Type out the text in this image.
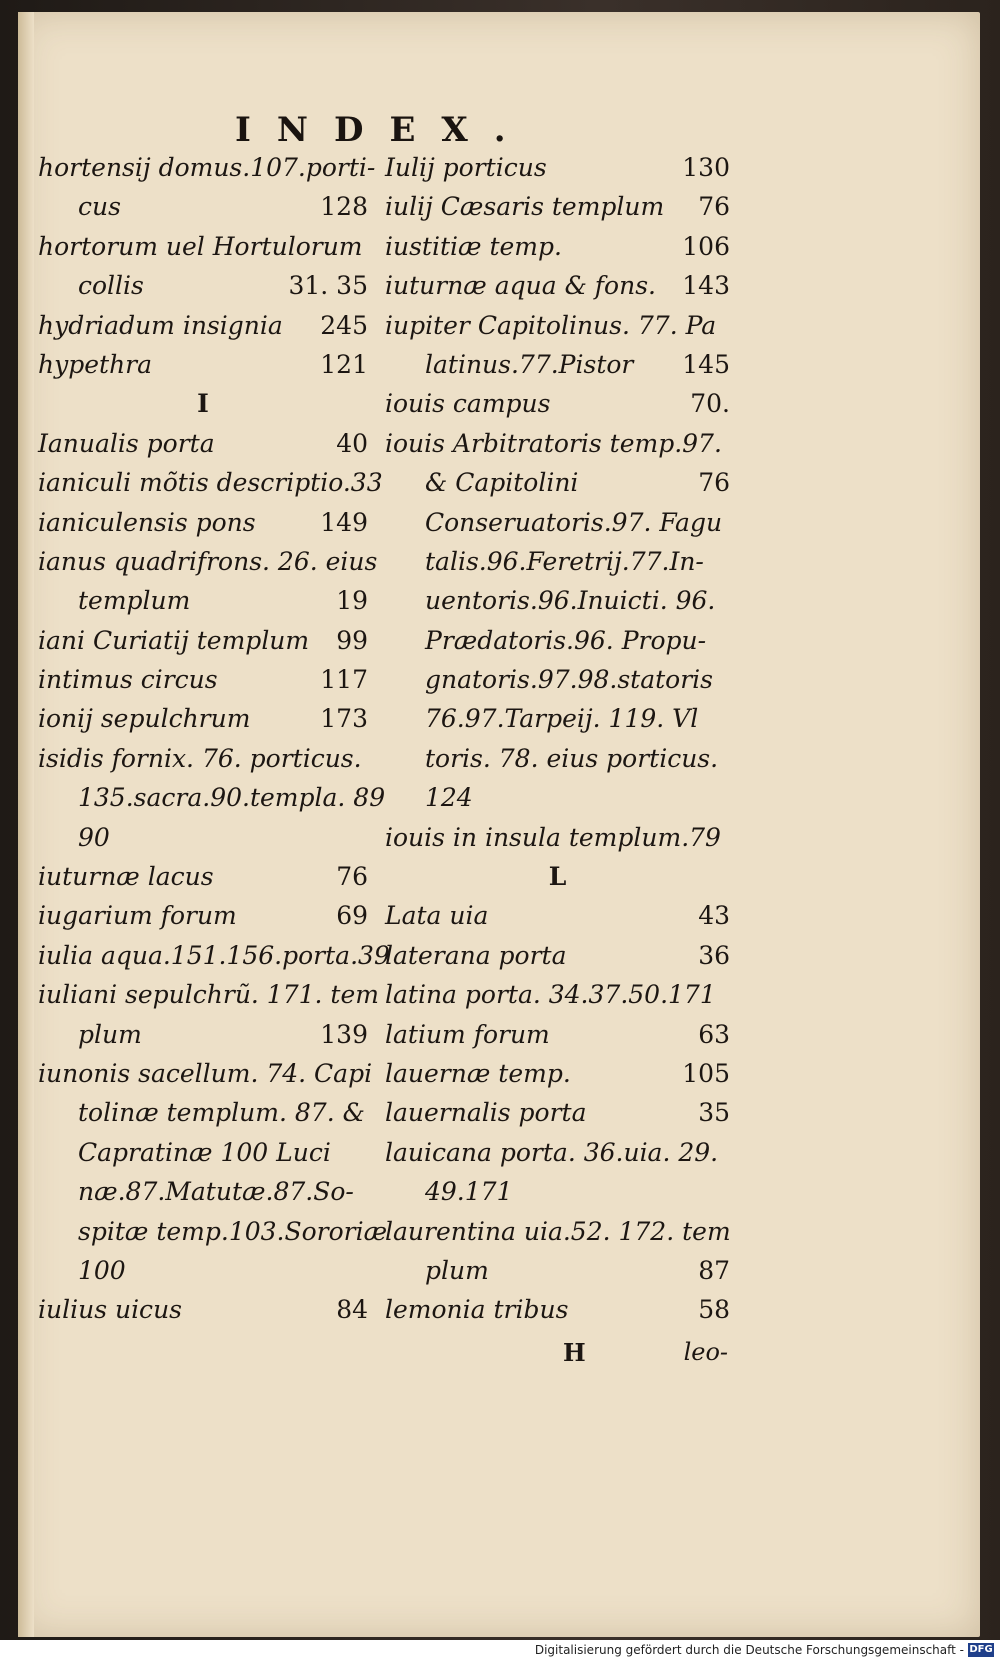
INDEX.
hortensij domus.107.porti-
cus	128
hortorum uel Hortulorum
collis	31. 35
hydriadum insignia 245
hypethra	121
I
Ianualis porta	40
ianiculi mõtis descriptio.33
ianiculensis pons	149
ianus quadrifrons. 26. eius
templum	19
iani Curiatij templum 99
intimus circus	117
ionij sepulchrum	173
isidis fornix. 76. porticus.
135.sacra.90.templa. 89
90
iuturnæ lacus	76
iugarium forum	69
iulia aqua.151.156.porta.39
iuliani sepulchrũ. 171. tem
plum	139
iunonis sacellum. 74. Capi
tolinæ templum. 87. &
Capratinæ 100 Luci
næ.87.Matutæ.87.So-
spitæ temp.103.Sororiæ
100
iulius uicus	84
Iulij porticus	130
iulij Cæsaris templum 76
iustitiæ temp.	106
iuturnæ aqua & fons. 143
iupiter Capitolinus. 77. Pa
latinus.77.Pistor 145
iouis campus	70.
iouis Arbitratoris temp.97.
& Capitolini	76
Conseruatoris.97. Fagu
talis.96.Feretrij.77.In-
uentoris.96.Inuicti. 96.
Prædatoris.96. Propu-
gnatoris.97.98.statoris
76.97.Tarpeij. 119. Vl
toris. 78. eius porticus.
124
iouis in insula templum.79
L
Lata uia	43
laterana porta	36
latina porta. 34.37.50.171
latium forum	63
lauernæ temp.	105
lauernalis porta	35
lauicana porta. 36.uia. 29.
49.171
laurentina uia.52. 172. tem
plum	87
lemonia tribus	58
H	leo-
Digitalisierung gefördert durch die Deutsche Forschungsgemeinschaft - DFG
